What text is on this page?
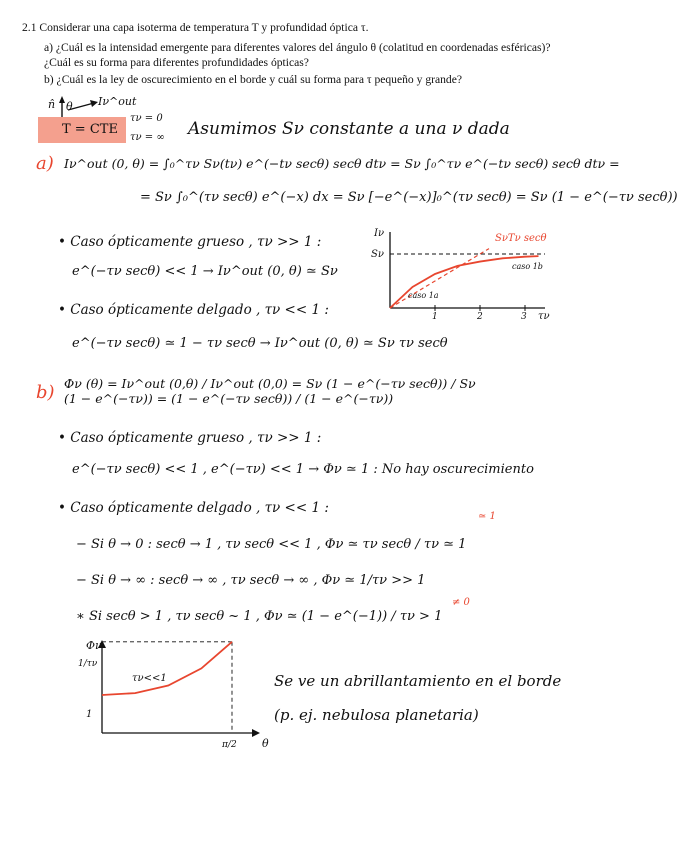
2.1 Considerar una capa isoterma de temperatura T y profundidad óptica τ.
a) ¿Cuál es la intensidad emergente para diferentes valores del ángulo θ (colatitud en coordenadas esféricas)? ¿Cuál es su forma para diferentes profundidades ópticas?
b) ¿Cuál es la ley de oscurecimiento en el borde y cuál su forma para τ pequeño y grande?
n̂ θ Iν^out
T = CTE
τν = 0
τν = ∞ Asumimos Sν constante a una ν dada
a) Iν^out (0, θ) = ∫₀^τν Sν(tν) e^(−tν secθ) secθ dtν = Sν ∫₀^τν e^(−tν secθ) secθ dtν =
= Sν ∫₀^(τν secθ) e^(−x) dx = Sν [−e^(−x)]₀^(τν secθ) = Sν (1 − e^(−τν secθ))
• Caso ópticamente grueso , τν >> 1 :
e^(−τν secθ) << 1 → Iν^out (0, θ) ≃ Sν
• Caso ópticamente delgado , τν << 1 :
e^(−τν secθ) ≃ 1 − τν secθ → Iν^out (0, θ) ≃ Sν τν secθ
Iν
τν
Sν
1	2	3
SνΤν secθ
caso 1a
caso 1b
b) Φν (θ) = Iν^out (0,θ) / Iν^out (0,0) = Sν (1 − e^(−τν secθ)) / Sν (1 − e^(−τν)) = (1 − e^(−τν secθ)) / (1 − e^(−τν))
• Caso ópticamente grueso , τν >> 1 :
e^(−τν secθ) << 1 , e^(−τν) << 1 → Φν ≃ 1 : No hay oscurecimiento
• Caso ópticamente delgado , τν << 1 :
− Si θ → 0 : secθ → 1 , τν secθ << 1 , Φν ≃ τν secθ / τν ≃ 1
≃ 1
− Si θ → ∞ : secθ → ∞ , τν secθ → ∞ , Φν ≃ 1/τν >> 1
≠ 0
∗ Si secθ > 1 , τν secθ ~ 1 , Φν ≃ (1 − e^(−1)) / τν > 1
Φν
θ
1
1/τν
π/2
τν<<1	Se ve un abrillantamiento en el borde (p. ej. nebulosa planetaria)
